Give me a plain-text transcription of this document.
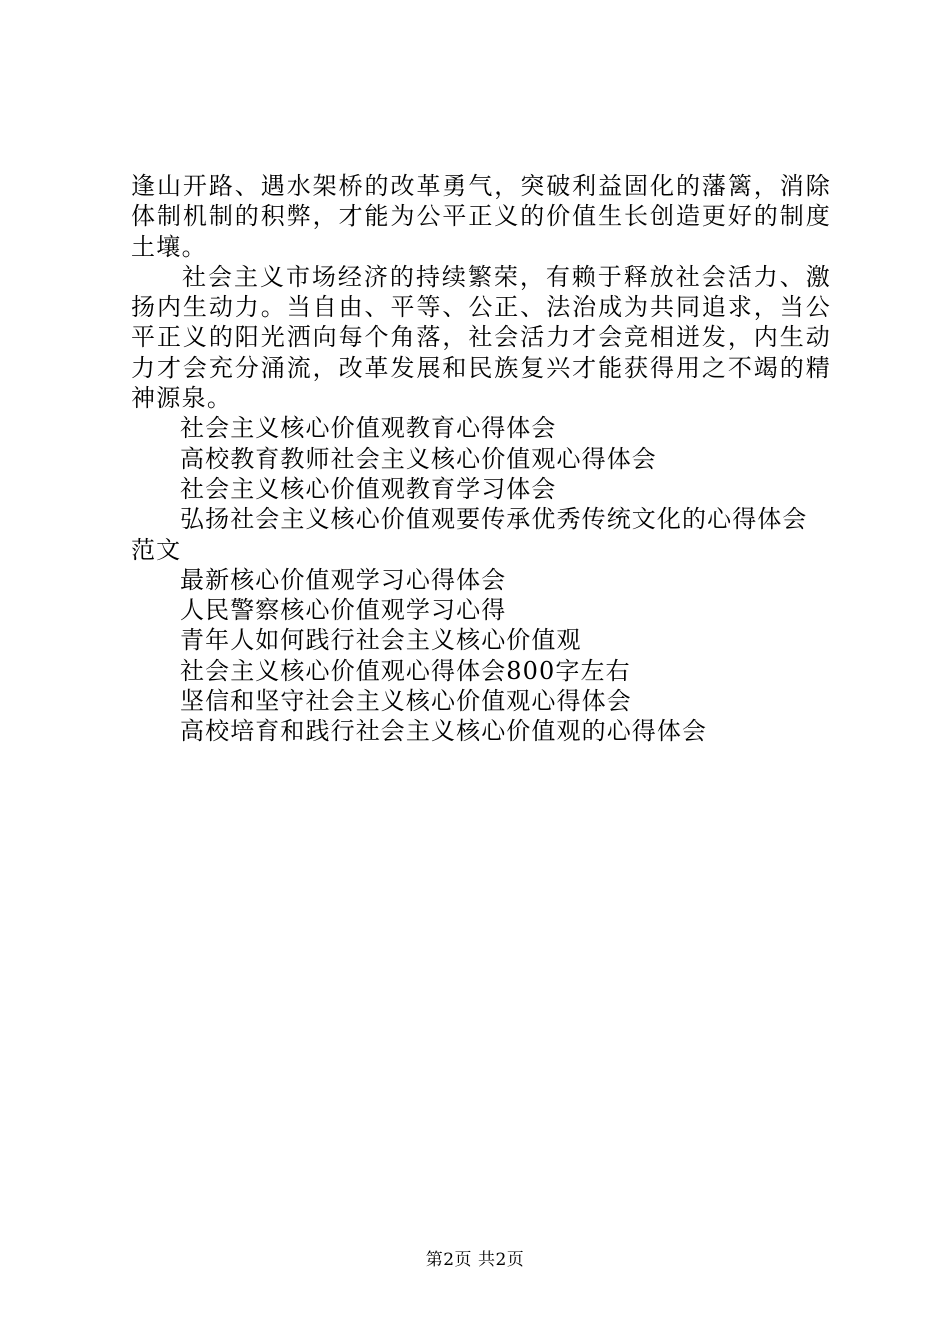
逢山开路、遇水架桥的改革勇气，突破利益固化的藩篱，消除体制机制的积弊，才能为公平正义的价值生长创造更好的制度土壤。

社会主义市场经济的持续繁荣，有赖于释放社会活力、激扬内生动力。当自由、平等、公正、法治成为共同追求，当公平正义的阳光洒向每个角落，社会活力才会竞相迸发，内生动力才会充分涌流，改革发展和民族复兴才能获得用之不竭的精神源泉。

社会主义核心价值观教育心得体会
高校教育教师社会主义核心价值观心得体会
社会主义核心价值观教育学习体会
弘扬社会主义核心价值观要传承优秀传统文化的心得体会范文
最新核心价值观学习心得体会
人民警察核心价值观学习心得
青年人如何践行社会主义核心价值观
社会主义核心价值观心得体会800字左右
坚信和坚守社会主义核心价值观心得体会
高校培育和践行社会主义核心价值观的心得体会
第2页 共2页
